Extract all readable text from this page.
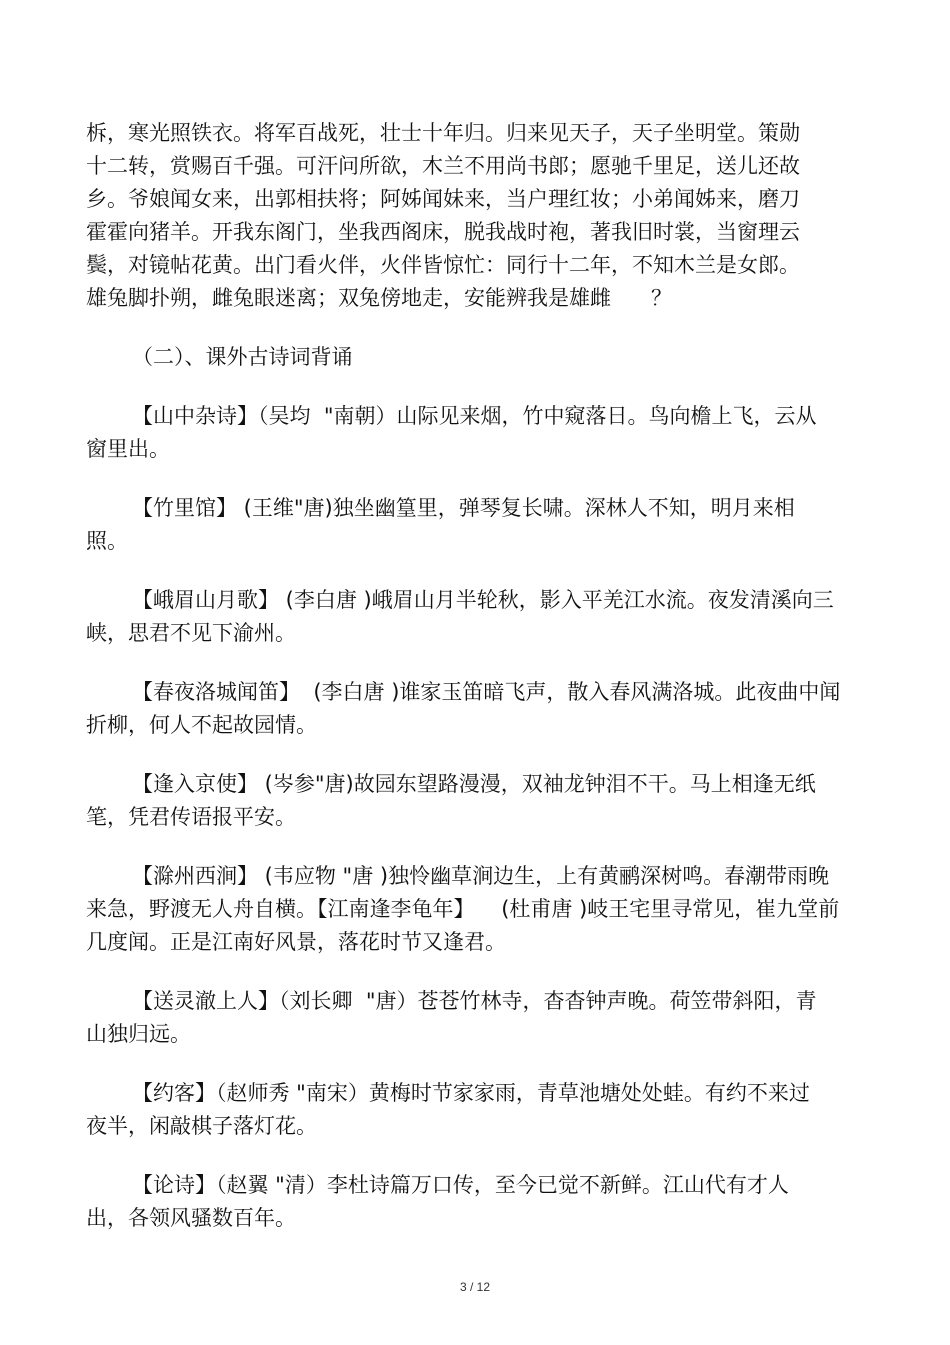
柝，寒光照铁衣。将军百战死，壮士十年归。归来见天子，天子坐明堂。策勋
十二转，赏赐百千强。可汗问所欲，木兰不用尚书郎；愿驰千里足，送儿还故
乡。爷娘闻女来，出郭相扶将；阿姊闻妹来，当户理红妆；小弟闻姊来，磨刀
霍霍向猪羊。开我东阁门，坐我西阁床，脱我战时袍，著我旧时裳，当窗理云
鬓，对镜帖花黄。出门看火伴，火伴皆惊忙：同行十二年，不知木兰是女郎。
雄兔脚扑朔，雌兔眼迷离；双兔傍地走，安能辨我是雄雌      ？
（二）、课外古诗词背诵
【山中杂诗】（吴均  "南朝）山际见来烟，竹中窥落日。鸟向檐上飞，云从
窗里出。
【竹里馆】 (王维"唐)独坐幽篁里，弹琴复长啸。深林人不知，明月来相
照。
【峨眉山月歌】 (李白唐 )峨眉山月半轮秋，影入平羌江水流。夜发清溪向三
峡，思君不见下渝州。
【春夜洛城闻笛】  (李白唐 )谁家玉笛暗飞声，散入春风满洛城。此夜曲中闻
折柳，何人不起故园情。
【逢入京使】 (岑参"唐)故园东望路漫漫，双袖龙钟泪不干。马上相逢无纸
笔，凭君传语报平安。
【滁州西涧】 (韦应物 "唐 )独怜幽草涧边生，上有黄鹂深树鸣。春潮带雨晚
来急，野渡无人舟自横。【江南逢李龟年】    (杜甫唐 )岐王宅里寻常见，崔九堂前
几度闻。正是江南好风景，落花时节又逢君。
【送灵澈上人】（刘长卿  "唐）苍苍竹林寺，杳杳钟声晚。荷笠带斜阳，青
山独归远。
【约客】（赵师秀 "南宋）黄梅时节家家雨，青草池塘处处蛙。有约不来过
夜半，闲敲棋子落灯花。
【论诗】（赵翼 "清）李杜诗篇万口传，至今已觉不新鲜。江山代有才人
出，各领风骚数百年。
3 / 12
